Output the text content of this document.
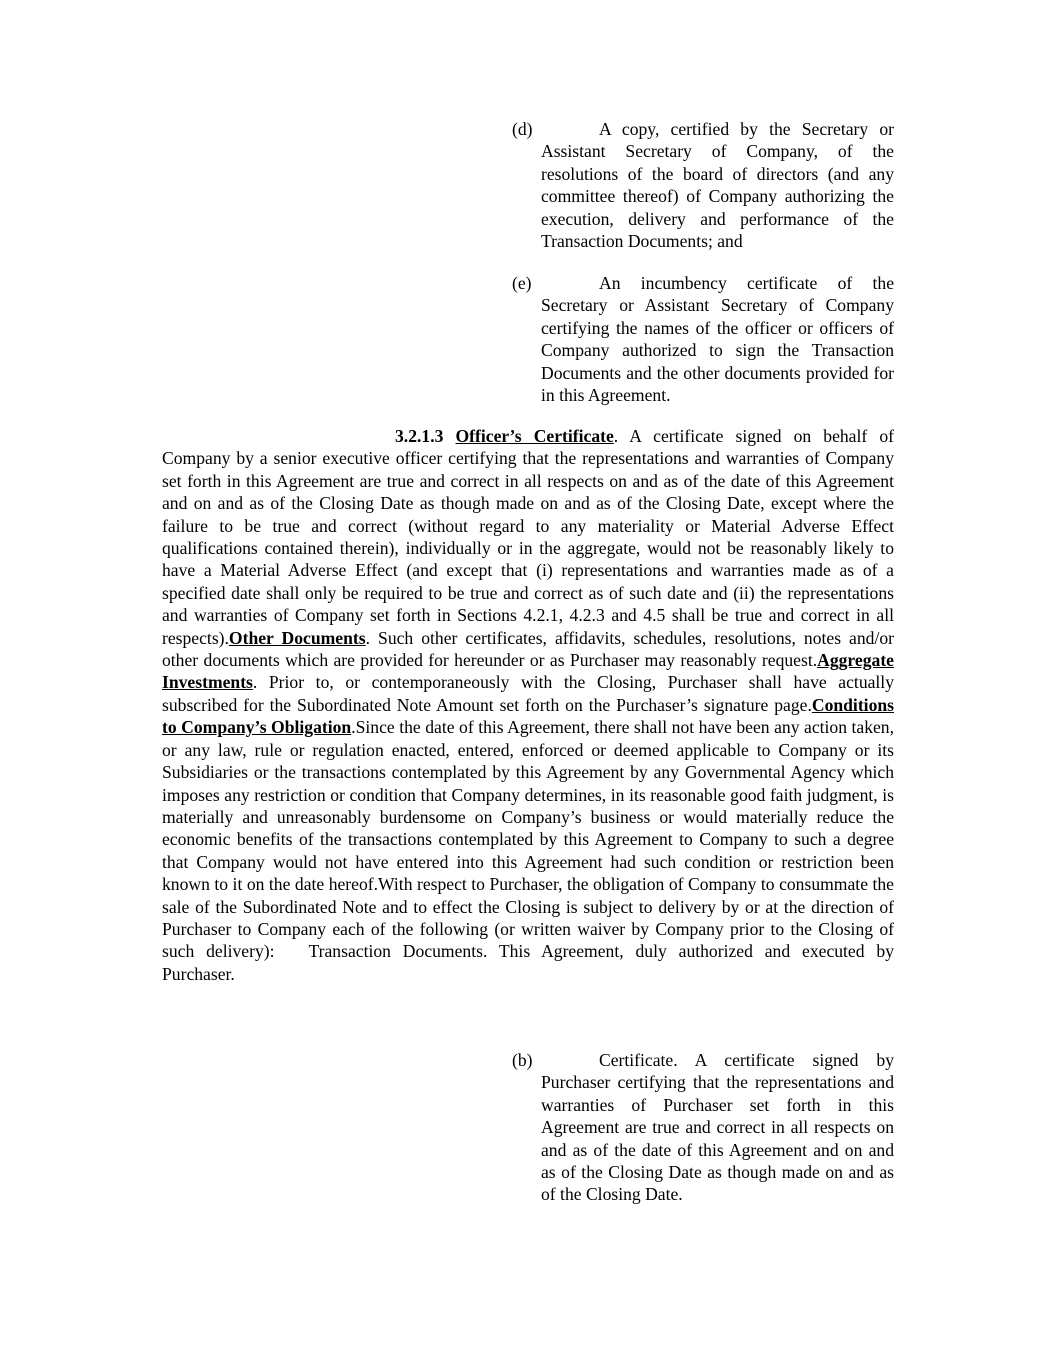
(d)	A copy, certified by the Secretary or Assistant Secretary of Company, of the resolutions of the board of directors (and any committee thereof) of Company authorizing the execution, delivery and performance of the Transaction Documents; and
(e)	An incumbency certificate of the Secretary or Assistant Secretary of Company certifying the names of the officer or officers of Company authorized to sign the Transaction Documents and the other documents provided for in this Agreement.
3.2.1.3 Officer’s Certificate. A certificate signed on behalf of Company by a senior executive officer certifying that the representations and warranties of Company set forth in this Agreement are true and correct in all respects on and as of the date of this Agreement and on and as of the Closing Date as though made on and as of the Closing Date, except where the failure to be true and correct (without regard to any materiality or Material Adverse Effect qualifications contained therein), individually or in the aggregate, would not be reasonably likely to have a Material Adverse Effect (and except that (i) representations and warranties made as of a specified date shall only be required to be true and correct as of such date and (ii) the representations and warranties of Company set forth in Sections 4.2.1, 4.2.3 and 4.5 shall be true and correct in all respects).Other Documents. Such other certificates, affidavits, schedules, resolutions, notes and/or other documents which are provided for hereunder or as Purchaser may reasonably request.Aggregate Investments. Prior to, or contemporaneously with the Closing, Purchaser shall have actually subscribed for the Subordinated Note Amount set forth on the Purchaser’s signature page.Conditions to Company’s Obligation.Since the date of this Agreement, there shall not have been any action taken, or any law, rule or regulation enacted, entered, enforced or deemed applicable to Company or its Subsidiaries or the transactions contemplated by this Agreement by any Governmental Agency which imposes any restriction or condition that Company determines, in its reasonable good faith judgment, is materially and unreasonably burdensome on Company’s business or would materially reduce the economic benefits of the transactions contemplated by this Agreement to Company to such a degree that Company would not have entered into this Agreement had such condition or restriction been known to it on the date hereof.With respect to Purchaser, the obligation of Company to consummate the sale of the Subordinated Note and to effect the Closing is subject to delivery by or at the direction of Purchaser to Company each of the following (or written waiver by Company prior to the Closing of such delivery): Transaction Documents. This Agreement, duly authorized and executed by Purchaser.
(b)	Certificate. A certificate signed by Purchaser certifying that the representations and warranties of Purchaser set forth in this Agreement are true and correct in all respects on and as of the date of this Agreement and on and as of the Closing Date as though made on and as of the Closing Date.
